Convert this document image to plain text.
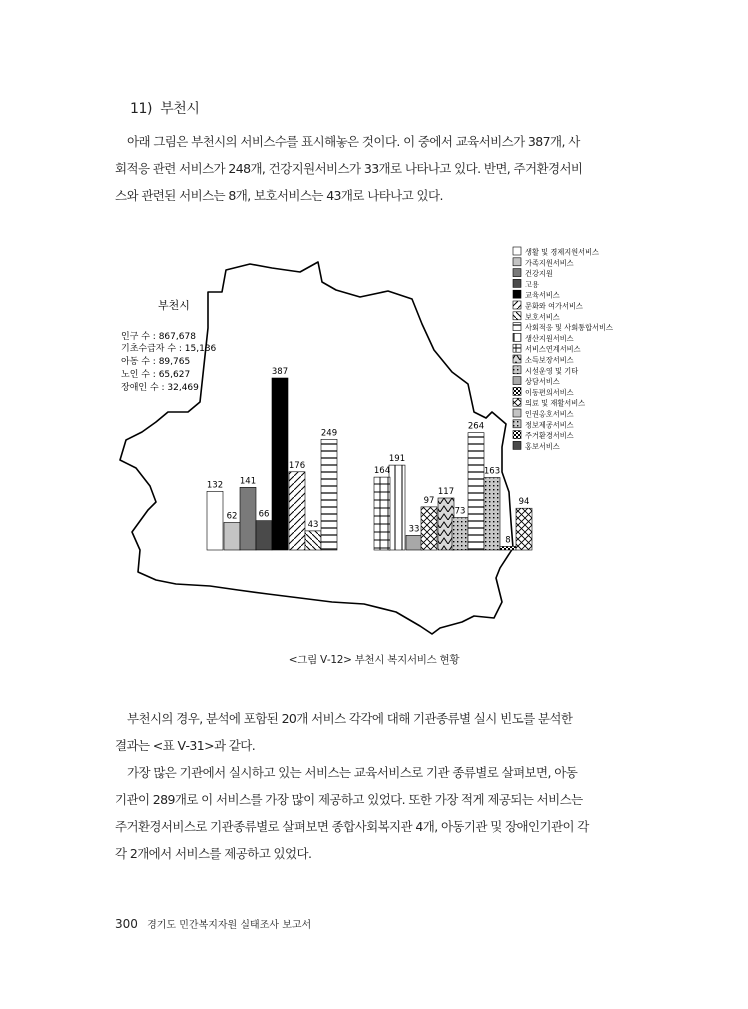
11) 부천시

아래 그림은 부천시의 서비스수를 표시해놓은 것이다. 이 중에서 교육서비스가 387개, 사

회적응 관련 서비스가 248개, 건강지원서비스가 33개로 나타나고 있다. 반면, 주거환경서비

스와 관련된 서비스는 8개, 보호서비스는 43개로 나타나고 있다.

부천시
인구 수 : 867,678
기초수급자 수 : 15,136
아동 수 : 89,765
노인 수 : 65,627
장애인 수 : 32,469
132
62
141
66
387
176
43
249
191
164
33
117
97
73
264
163
8
94
생활 및 경제지원서비스
가족지원서비스
건강지원
고용
교육서비스
문화와 여가서비스
보호서비스
사회적응 및 사회통합서비스
생산지원서비스
서비스연계서비스
소득보장서비스
시설운영 및 기타
상담서비스
이동편의서비스
의료 및 재활서비스
인권옹호서비스
정보제공서비스
주거환경서비스
홍보서비스
<그림 Ⅴ-12> 부천시 복지서비스 현황

부천시의 경우, 분석에 포함된 20개 서비스 각각에 대해 기관종류별 실시 빈도를 분석한

결과는 <표 Ⅴ-31>과 같다.

가장 많은 기관에서 실시하고 있는 서비스는 교육서비스로 기관 종류별로 살펴보면, 아동

기관이 289개로 이 서비스를 가장 많이 제공하고 있었다. 또한 가장 적게 제공되는 서비스는

주거환경서비스로 기관종류별로 살펴보면 종합사회복지관 4개, 아동기관 및 장애인기관이 각

각 2개에서 서비스를 제공하고 있었다.

300 경기도 민간복지자원 실태조사 보고서
